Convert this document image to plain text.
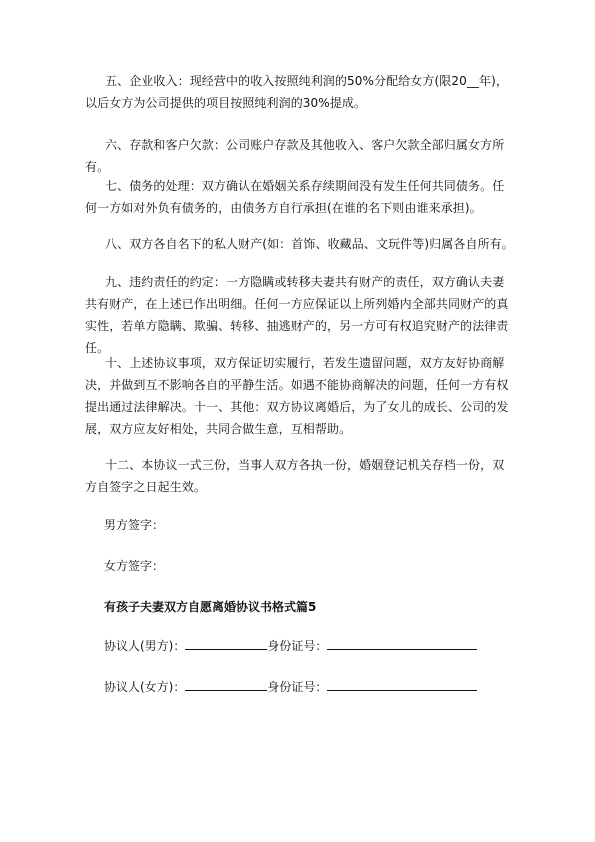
五、企业收入：现经营中的收入按照纯利润的50%分配给女方(限20__年)，以后女方为公司提供的项目按照纯利润的30%提成。

六、存款和客户欠款：公司账户存款及其他收入、客户欠款全部归属女方所有。

七、债务的处理：双方确认在婚姻关系存续期间没有发生任何共同债务。任何一方如对外负有债务的，由债务方自行承担(在谁的名下则由谁来承担)。

八、双方各自名下的私人财产(如：首饰、收藏品、文玩件等)归属各自所有。

九、违约责任的约定：一方隐瞒或转移夫妻共有财产的责任，双方确认夫妻共有财产，在上述已作出明细。任何一方应保证以上所列婚内全部共同财产的真实性，若单方隐瞒、欺骗、转移、抽逃财产的，另一方可有权追究财产的法律责任。

十、上述协议事项，双方保证切实履行，若发生遗留问题，双方友好协商解决，并做到互不影响各自的平静生活。如遇不能协商解决的问题，任何一方有权提出通过法律解决。十一、其他：双方协议离婚后，为了女儿的成长、公司的发展，双方应友好相处，共同合做生意，互相帮助。

十二、本协议一式三份，当事人双方各执一份，婚姻登记机关存档一份，双方自签字之日起生效。

男方签字：

女方签字：

有孩子夫妻双方自愿离婚协议书格式篇5

协议人(男方)：	身份证号：

协议人(女方)：	身份证号：
